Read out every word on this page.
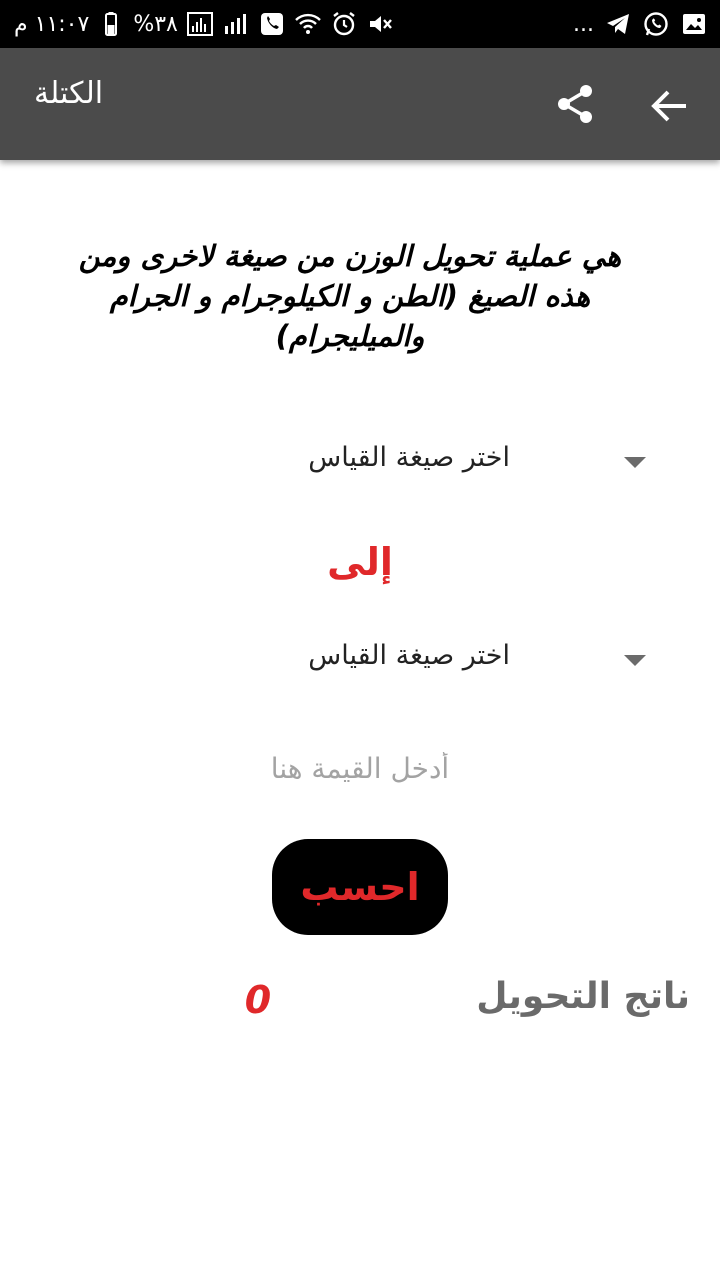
١١:٠٧ م %٣٨	...
الكتلة
هي عملية تحويل الوزن من صيغة لاخرى ومن هذه الصيغ (الطن و الكيلوجرام و الجرام والميليجرام)
اختر صيغة القياس
إلى
اختر صيغة القياس
أدخل القيمة هنا
احسب
ناتج التحويل
0
